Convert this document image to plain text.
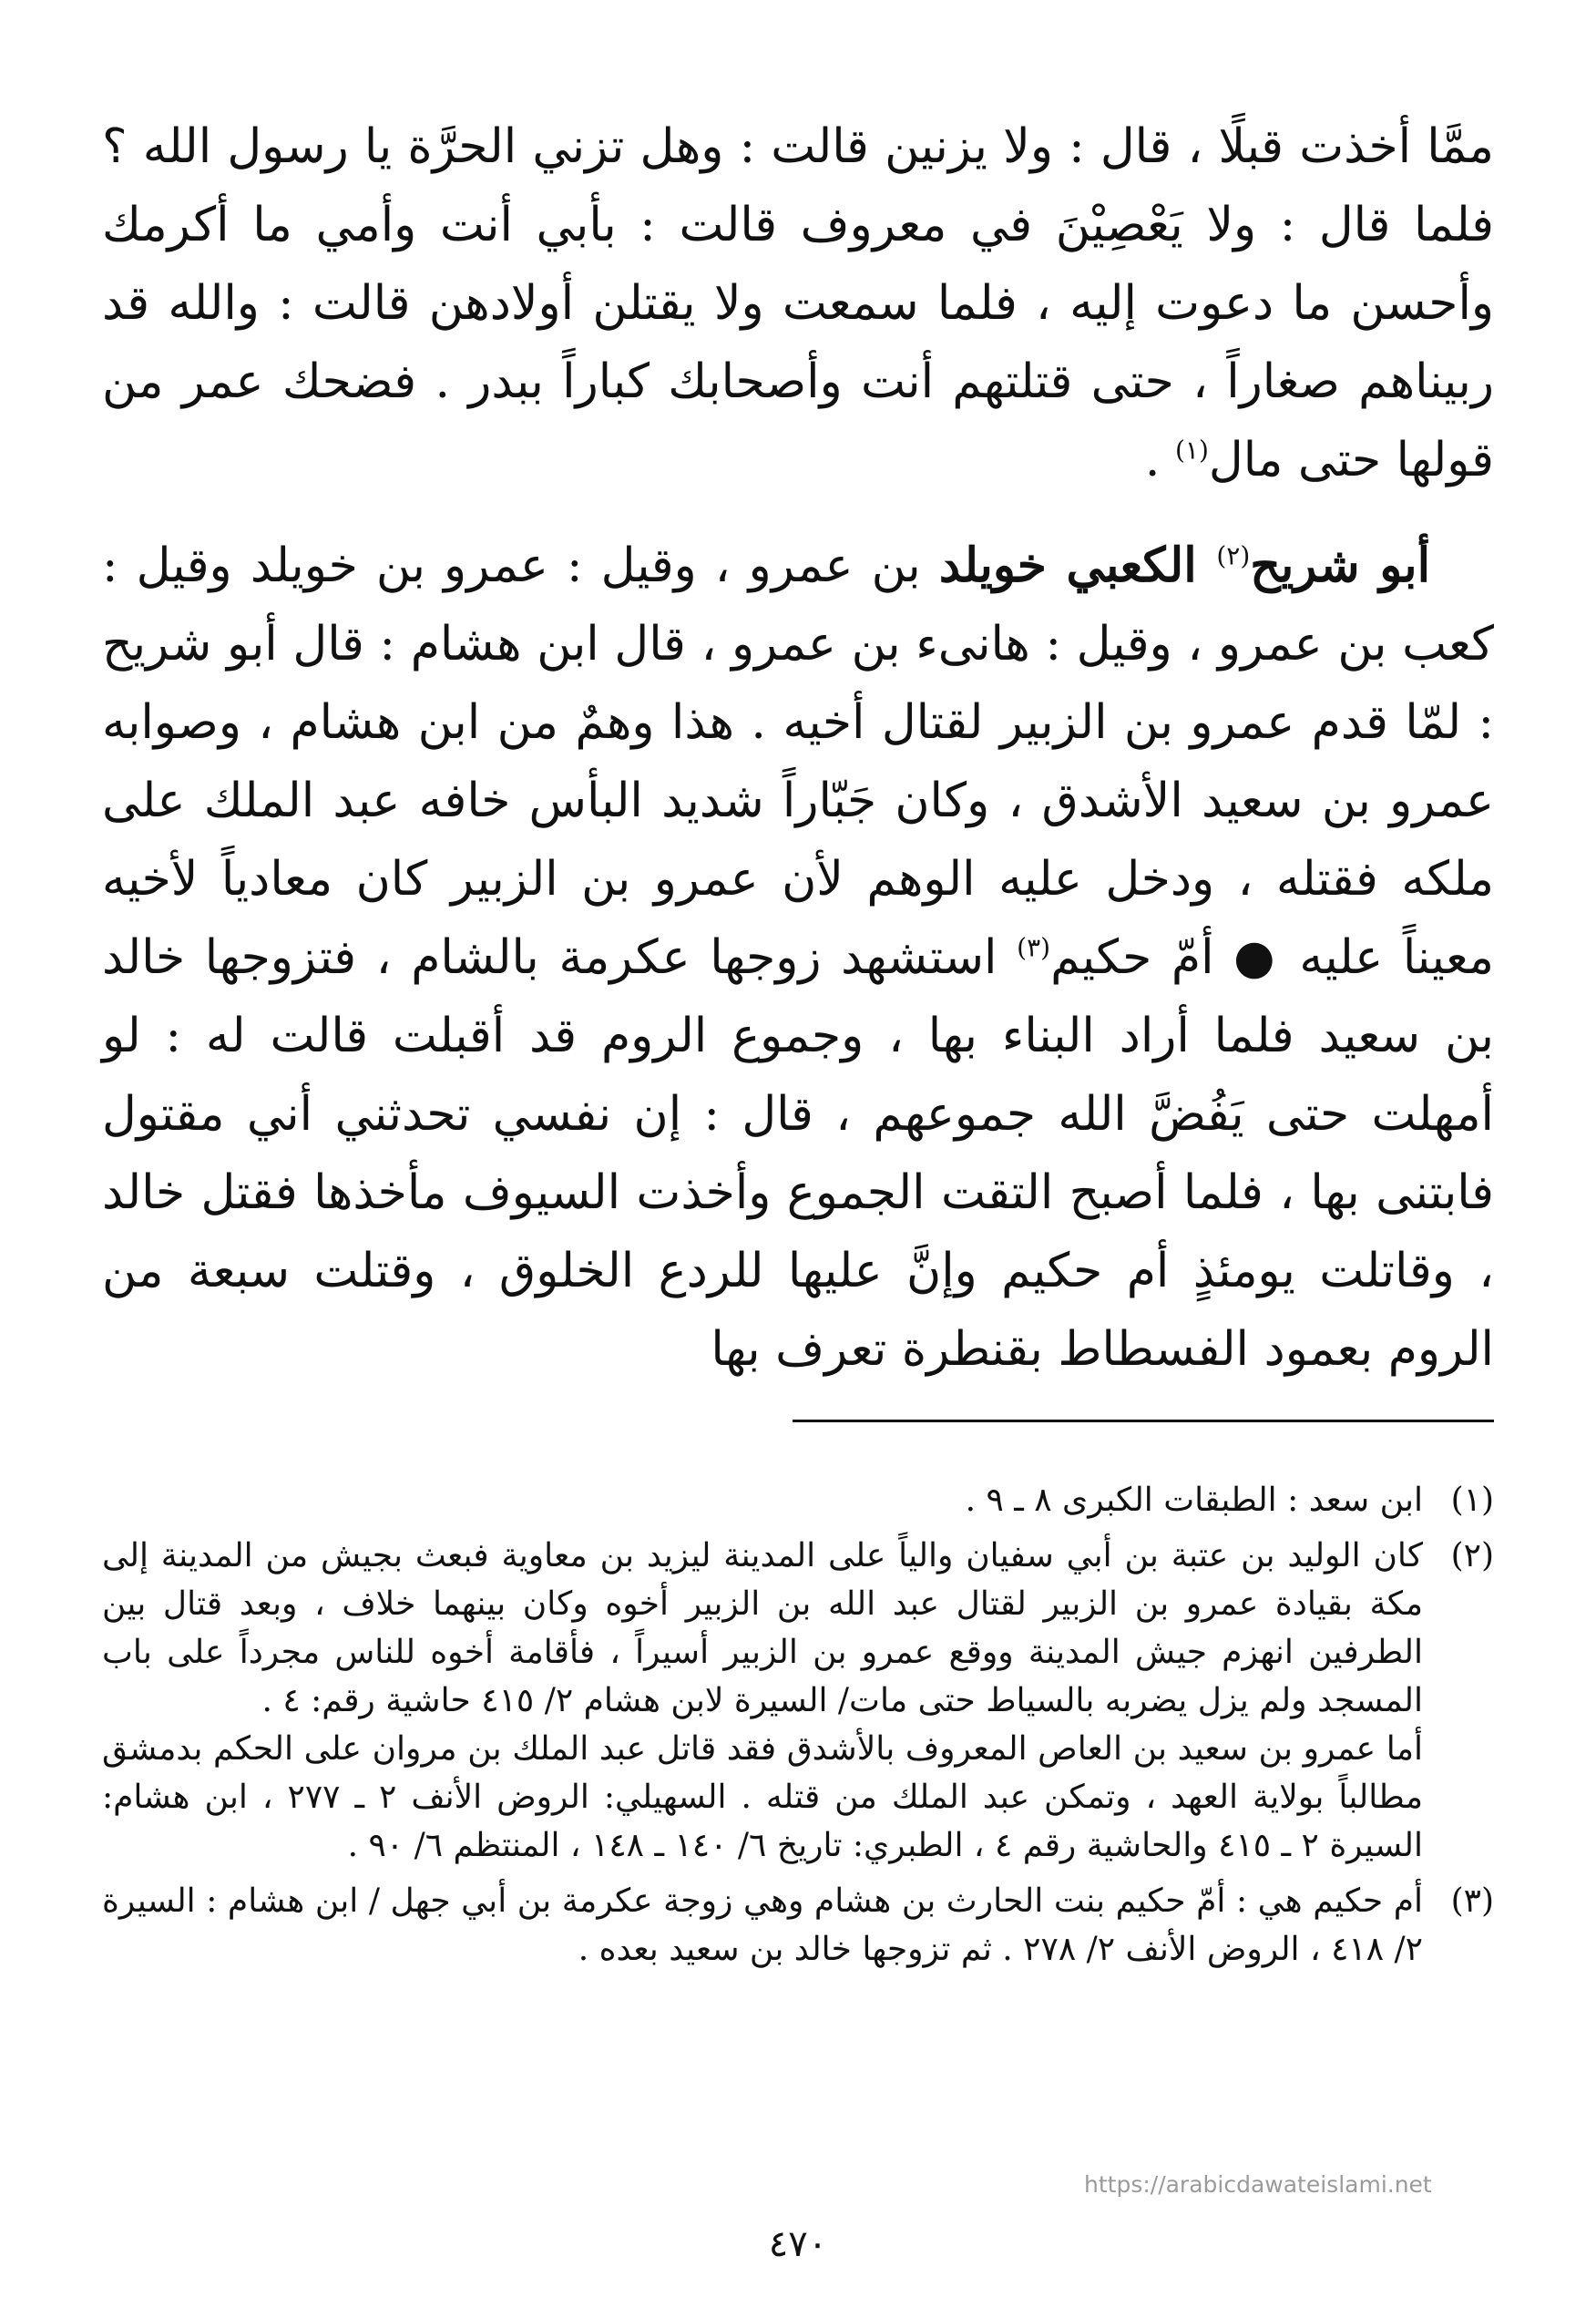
ممَّا أخذت قبلًا ، قال : ولا يزنين قالت : وهل تزني الحرَّة يا رسول الله ؟ فلما قال : ولا يَعْصِيْنَ في معروف قالت : بأبي أنت وأمي ما أكرمك وأحسن ما دعوت إليه ، فلما سمعت ولا يقتلن أولادهن قالت : والله قد ربيناهم صغاراً ، حتى قتلتهم أنت وأصحابك كباراً ببدر . فضحك عمر من قولها حتى مال$^{(١)}$ .

أبو شريح$^{(٢)}$ الكعبي خويلد بن عمرو ، وقيل : عمرو بن خويلد وقيل : كعب بن عمرو ، وقيل : هانىء بن عمرو ، قال ابن هشام : قال أبو شريح : لمّا قدم عمرو بن الزبير لقتال أخيه . هذا وهمٌ من ابن هشام ، وصوابه عمرو بن سعيد الأشدق ، وكان جَبّاراً شديد البأس خافه عبد الملك على ملكه فقتله ، ودخل عليه الوهم لأن عمرو بن الزبير كان معادياً لأخيه معيناً عليه ● أمّ حكيم$^{(٣)}$ استشهد زوجها عكرمة بالشام ، فتزوجها خالد بن سعيد فلما أراد البناء بها ، وجموع الروم قد أقبلت قالت له : لو أمهلت حتى يَفُضَّ الله جموعهم ، قال : إن نفسي تحدثني أني مقتول فابتنى بها ، فلما أصبح التقت الجموع وأخذت السيوف مأخذها فقتل خالد ، وقاتلت يومئذٍ أم حكيم وإنَّ عليها للردع الخلوق ، وقتلت سبعة من الروم بعمود الفسطاط بقنطرة تعرف بها

(١)

ابن سعد : الطبقات الكبرى ٨ ـ ٩ .

(٢)

كان الوليد بن عتبة بن أبي سفيان والياً على المدينة ليزيد بن معاوية فبعث بجيش من المدينة إلى مكة بقيادة عمرو بن الزبير لقتال عبد الله بن الزبير أخوه وكان بينهما خلاف ، وبعد قتال بين الطرفين انهزم جيش المدينة ووقع عمرو بن الزبير أسيراً ، فأقامة أخوه للناس مجرداً على باب المسجد ولم يزل يضربه بالسياط حتى مات/ السيرة لابن هشام ٢/ ٤١٥ حاشية رقم: ٤ .

أما عمرو بن سعيد بن العاص المعروف بالأشدق فقد قاتل عبد الملك بن مروان على الحكم بدمشق مطالباً بولاية العهد ، وتمكن عبد الملك من قتله . السهيلي: الروض الأنف ٢ ـ ٢٧٧ ، ابن هشام: السيرة ٢ ـ ٤١٥ والحاشية رقم ٤ ، الطبري: تاريخ ٦/ ١٤٠ ـ ١٤٨ ، المنتظم ٦/ ٩٠ .

(٣)

أم حكيم هي : أمّ حكيم بنت الحارث بن هشام وهي زوجة عكرمة بن أبي جهل / ابن هشام : السيرة ٢/ ٤١٨ ، الروض الأنف ٢/ ٢٧٨ . ثم تزوجها خالد بن سعيد بعده .

https://arabicdawateislami.net
٤٧٠
